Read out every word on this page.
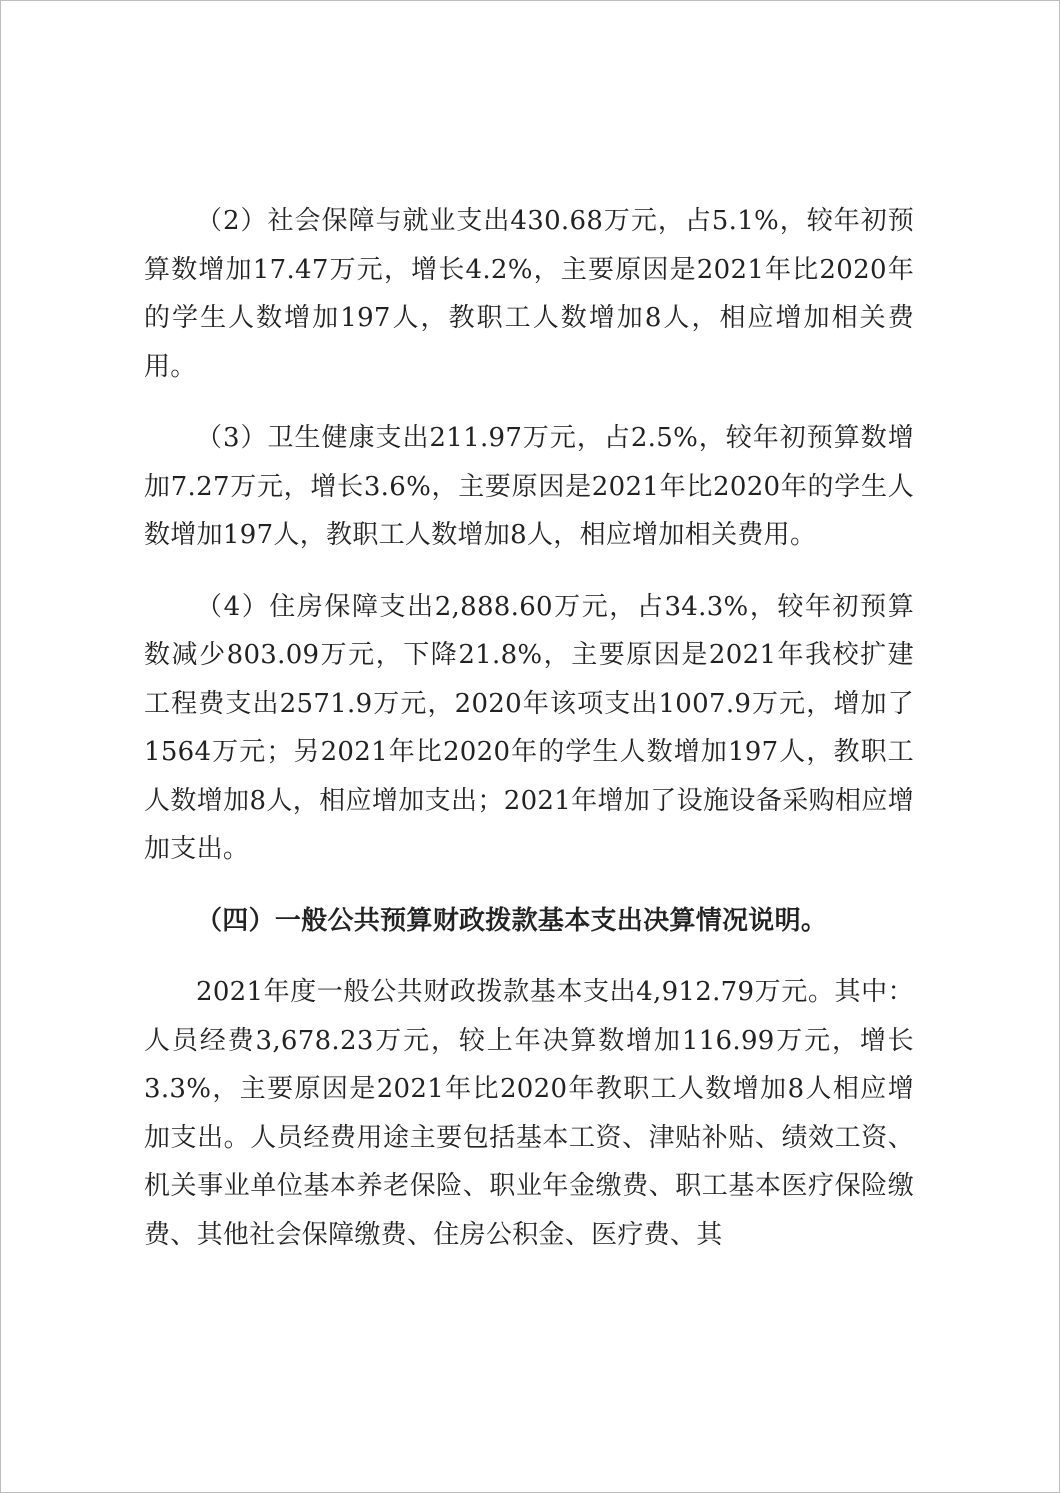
（2）社会保障与就业支出430.68万元，占5.1%，较年初预算数增加17.47万元，增长4.2%，主要原因是2021年比2020年的学生人数增加197人，教职工人数增加8人，相应增加相关费用。

（3）卫生健康支出211.97万元，占2.5%，较年初预算数增加7.27万元，增长3.6%，主要原因是2021年比2020年的学生人数增加197人，教职工人数增加8人，相应增加相关费用。

（4）住房保障支出2,888.60万元，占34.3%，较年初预算数减少803.09万元，下降21.8%，主要原因是2021年我校扩建工程费支出2571.9万元，2020年该项支出1007.9万元，增加了1564万元；另2021年比2020年的学生人数增加197人，教职工人数增加8人，相应增加支出；2021年增加了设施设备采购相应增加支出。

（四）一般公共预算财政拨款基本支出决算情况说明。

2021年度一般公共财政拨款基本支出4,912.79万元。其中：人员经费3,678.23万元，较上年决算数增加116.99万元，增长3.3%，主要原因是2021年比2020年教职工人数增加8人相应增加支出。人员经费用途主要包括基本工资、津贴补贴、绩效工资、机关事业单位基本养老保险、职业年金缴费、职工基本医疗保险缴费、其他社会保障缴费、住房公积金、医疗费、其
